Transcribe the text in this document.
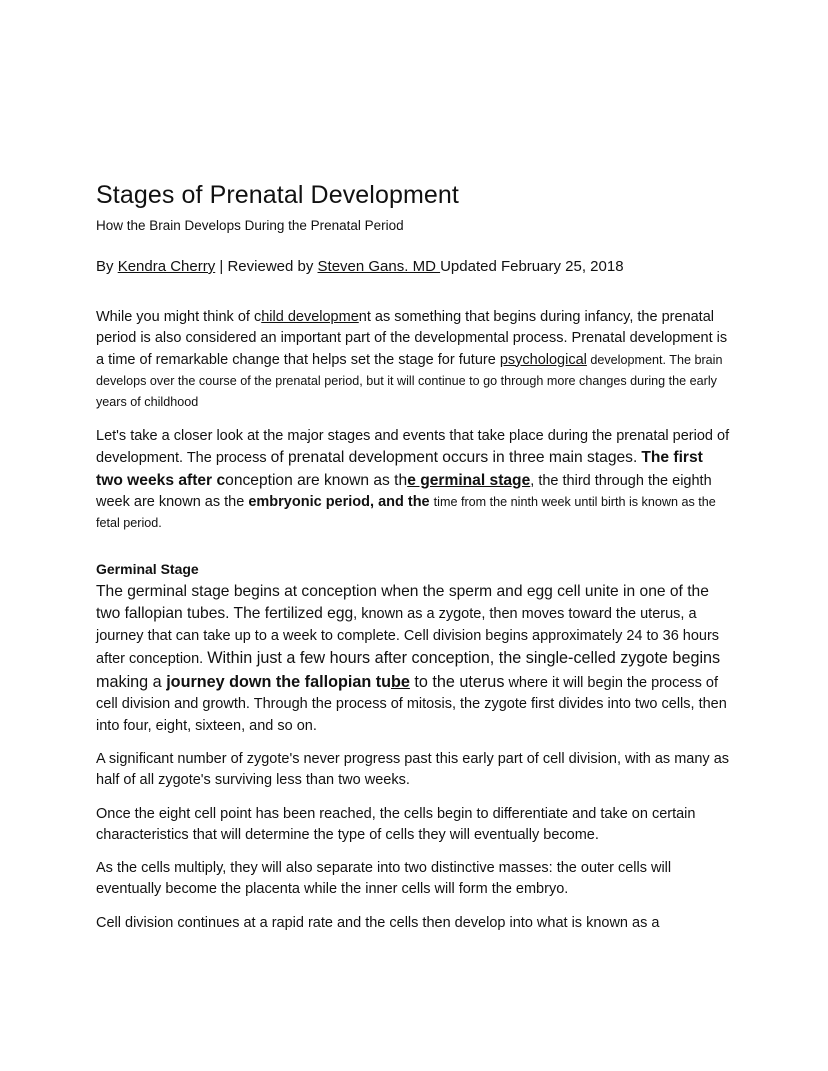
Stages of Prenatal Development
How the Brain Develops During the Prenatal Period
By Kendra Cherry | Reviewed by Steven Gans. MD Updated February 25, 2018

While you might think of child development as something that begins during infancy, the prenatal period is also considered an important part of the developmental process. Prenatal development is a time of remarkable change that helps set the stage for future psychological development. The brain develops over the course of the prenatal period, but it will continue to go through more changes during the early years of childhood

Let's take a closer look at the major stages and events that take place during the prenatal period of development. The process of prenatal development occurs in three main stages. The first two weeks after conception are known as the germinal stage, the third through the eighth week are known as the embryonic period, and the time from the ninth week until birth is known as the fetal period.

Germinal Stage

The germinal stage begins at conception when the sperm and egg cell unite in one of the two fallopian tubes. The fertilized egg, known as a zygote, then moves toward the uterus, a journey that can take up to a week to complete. Cell division begins approximately 24 to 36 hours after conception. Within just a few hours after conception, the single-celled zygote begins making a journey down the fallopian tube to the uterus where it will begin the process of cell division and growth. Through the process of mitosis, the zygote first divides into two cells, then into four, eight, sixteen, and so on.

A significant number of zygote's never progress past this early part of cell division, with as many as half of all zygote's surviving less than two weeks.

Once the eight cell point has been reached, the cells begin to differentiate and take on certain characteristics that will determine the type of cells they will eventually become.

As the cells multiply, they will also separate into two distinctive masses: the outer cells will eventually become the placenta while the inner cells will form the embryo.

Cell division continues at a rapid rate and the cells then develop into what is known as a
